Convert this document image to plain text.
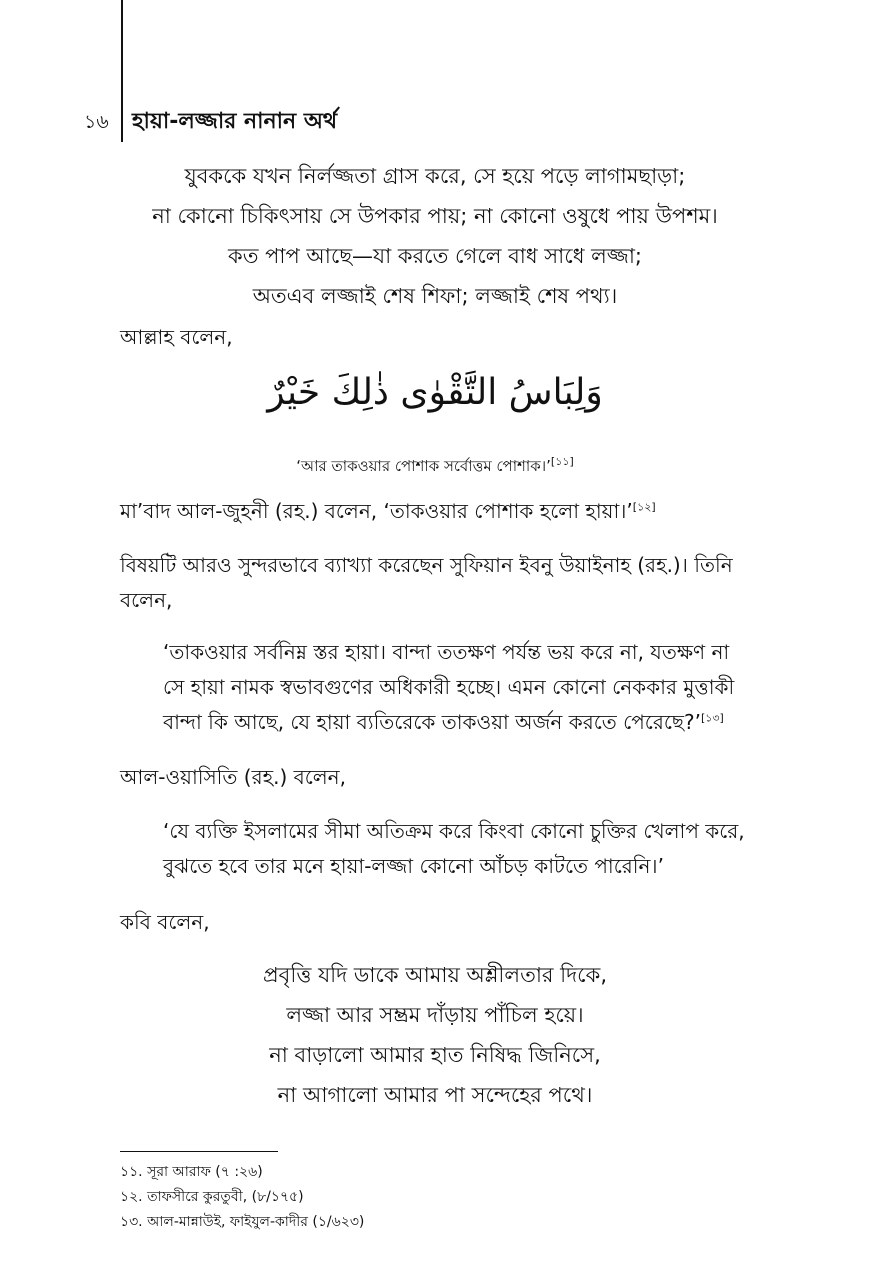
১৬ হায়া-লজ্জার নানান অর্থ
যুবককে যখন নির্লজ্জতা গ্রাস করে, সে হয়ে পড়ে লাগামছাড়া;
না কোনো চিকিৎসায় সে উপকার পায়; না কোনো ওষুধে পায় উপশম।
কত পাপ আছে—যা করতে গেলে বাধ সাধে লজ্জা;
অতএব লজ্জাই শেষ শিফা; লজ্জাই শেষ পথ্য।
আল্লাহ বলেন,
وَلِبَاسُ التَّقْوٰى ذٰلِكَ خَيْرٌ
‘আর তাকওয়ার পোশাক সর্বোত্তম পোশাক।’[১১]
মা’বাদ আল-জুহনী (রহ.) বলেন, ‘তাকওয়ার পোশাক হলো হায়া।’[১২]
বিষয়টি আরও সুন্দরভাবে ব্যাখ্যা করেছেন সুফিয়ান ইবনু উয়াইনাহ (রহ.)। তিনি
বলেন,
‘তাকওয়ার সর্বনিম্ন স্তর হায়া। বান্দা ততক্ষণ পর্যন্ত ভয় করে না, যতক্ষণ না
সে হায়া নামক স্বভাবগুণের অধিকারী হচ্ছে। এমন কোনো নেককার মুত্তাকী
বান্দা কি আছে, যে হায়া ব্যতিরেকে তাকওয়া অর্জন করতে পেরেছে?’[১৩]
আল-ওয়াসিতি (রহ.) বলেন,
‘যে ব্যক্তি ইসলামের সীমা অতিক্রম করে কিংবা কোনো চুক্তির খেলাপ করে,
বুঝতে হবে তার মনে হায়া-লজ্জা কোনো আঁচড় কাটতে পারেনি।’
কবি বলেন,
প্রবৃত্তি যদি ডাকে আমায় অশ্লীলতার দিকে,
লজ্জা আর সম্ভ্রম দাঁড়ায় পাঁচিল হয়ে।
না বাড়ালো আমার হাত নিষিদ্ধ জিনিসে,
না আগালো আমার পা সন্দেহের পথে।
১১. সূরা আরাফ (৭ :২৬)
১২. তাফসীরে কুরতুবী, (৮/১৭৫)
১৩. আল-মান্নাউই, ফাইযুল-কাদীর (১/৬২৩)
